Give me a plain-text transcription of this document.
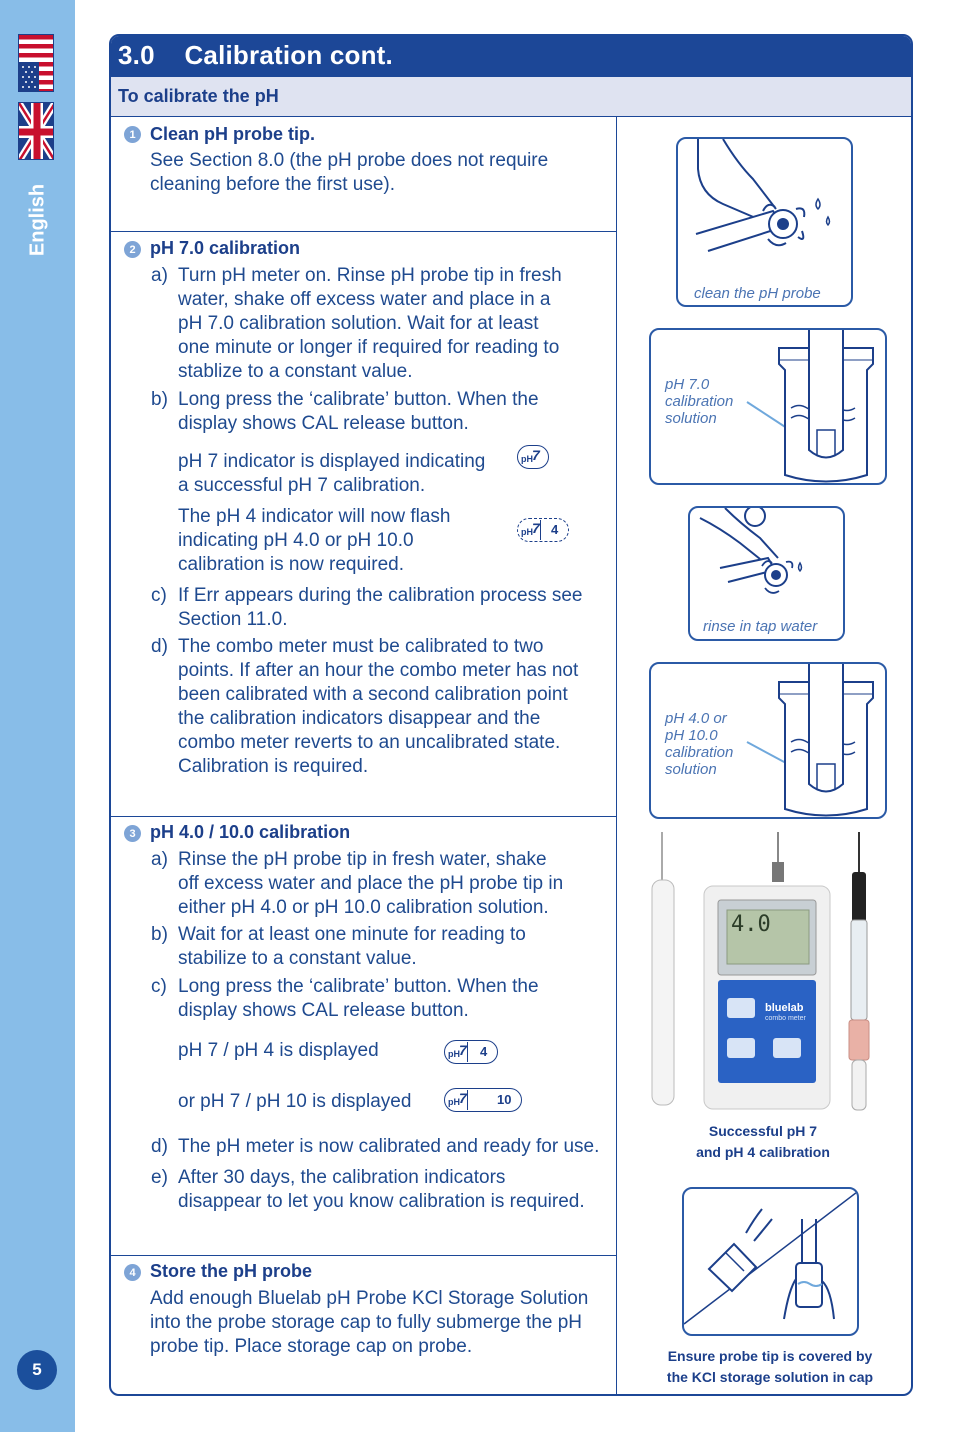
English
5
3.0    Calibration cont.
To calibrate the pH
1 Clean pH probe tip.
See Section 8.0 (the pH probe does not require
cleaning before the first use).
2 pH 7.0 calibration
a) Turn pH meter on. Rinse pH probe tip in fresh
water, shake off excess water and place in a
pH 7.0 calibration solution. Wait for at least
one minute or longer if required for reading to
stablize to a constant value.
b) Long press the ‘calibrate’ button. When the
display shows CAL release button.
pH 7 indicator is displayed indicating
a successful pH 7 calibration.
pH 7
The pH 4 indicator will now flash
indicating pH 4.0 or pH 10.0
calibration is now required.
pH 7 4
c) If Err appears during the calibration process see
Section 11.0.
d) The combo meter must be calibrated to two
points. If after an hour the combo meter has not
been calibrated with a second calibration point
the calibration indicators disappear and the
combo meter reverts to an uncalibrated state.
Calibration is required.
3 pH 4.0 / 10.0 calibration
a) Rinse the pH probe tip in fresh water, shake
off excess water and place the pH probe tip in
either pH 4.0 or pH 10.0 calibration solution.
b) Wait for at least one minute for reading to
stabilize to a constant value.
c) Long press the ‘calibrate’ button. When the
display shows CAL release button.
pH 7 / pH 4 is displayed	pH 7 4
or pH 7 / pH 10 is displayed	pH 7 10
d) The pH meter is now calibrated and ready for use.
e) After 30 days, the calibration indicators
disappear to let you know calibration is required.
4 Store the pH probe
Add enough Bluelab pH Probe KCl Storage Solution
into the probe storage cap to fully submerge the pH
probe tip. Place storage cap on probe.
clean the pH probe
pH 7.0
calibration
solution
rinse in tap water
pH 4.0 or
pH 10.0
calibration
solution
4.0
bluelab
combo meter
Successful pH 7
and pH 4 calibration
Ensure probe tip is covered by
the KCl storage solution in cap
